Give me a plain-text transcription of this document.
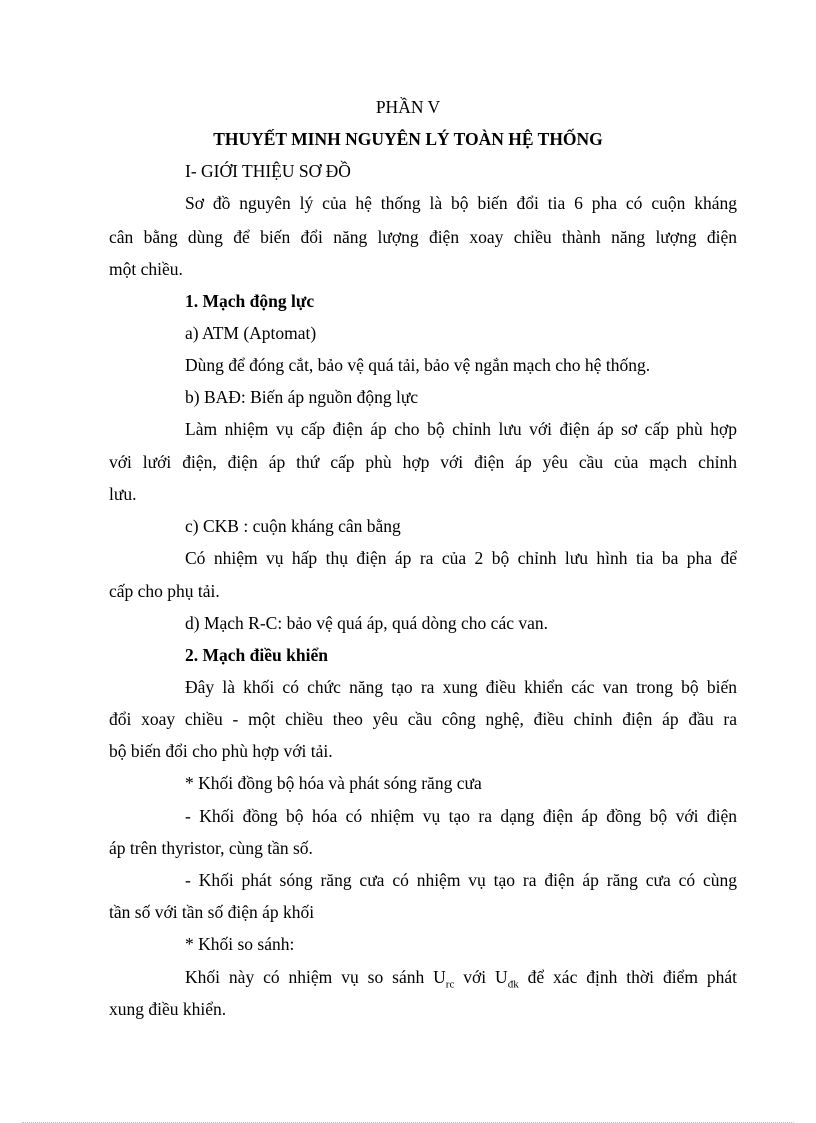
PHẦN V
THUYẾT MINH NGUYÊN LÝ TOÀN HỆ THỐNG
I- GIỚI THIỆU SƠ ĐỒ
Sơ đồ nguyên lý của hệ thống là bộ biến đổi tia 6 pha có cuộn kháng
cân bằng dùng để biến đổi năng lượng điện xoay chiều thành năng lượng điện
một chiều.
1. Mạch động lực
a) ATM (Aptomat)
Dùng để đóng cắt, bảo vệ quá tải, bảo vệ ngắn mạch cho hệ thống.
b) BAĐ: Biến áp nguồn động lực
Làm nhiệm vụ cấp điện áp cho bộ chỉnh lưu với điện áp sơ cấp phù hợp
với lưới điện, điện áp thứ cấp phù hợp với điện áp yêu cầu của mạch chỉnh
lưu.
c) CKB : cuộn kháng cân bằng
Có nhiệm vụ hấp thụ điện áp ra của 2 bộ chỉnh lưu hình tia ba pha để
cấp cho phụ tải.
d) Mạch R-C: bảo vệ quá áp, quá dòng cho các van.
2. Mạch điều khiển
Đây là khối có chức năng tạo ra xung điều khiển các van trong bộ biến
đổi xoay chiều - một chiều theo yêu cầu công nghệ, điều chỉnh điện áp đầu ra
bộ biến đổi cho phù hợp với tải.
* Khối đồng bộ hóa và phát sóng răng cưa
- Khối đồng bộ hóa có nhiệm vụ tạo ra dạng điện áp đồng bộ với điện
áp trên thyristor, cùng tần số.
- Khối phát sóng răng cưa có nhiệm vụ tạo ra điện áp răng cưa có cùng
tần số với tần số điện áp khối
* Khối so sánh:
Khối này có nhiệm vụ so sánh $U_{rc}$ với $U_{đk}$ để xác định thời điểm phát
xung điều khiển.
